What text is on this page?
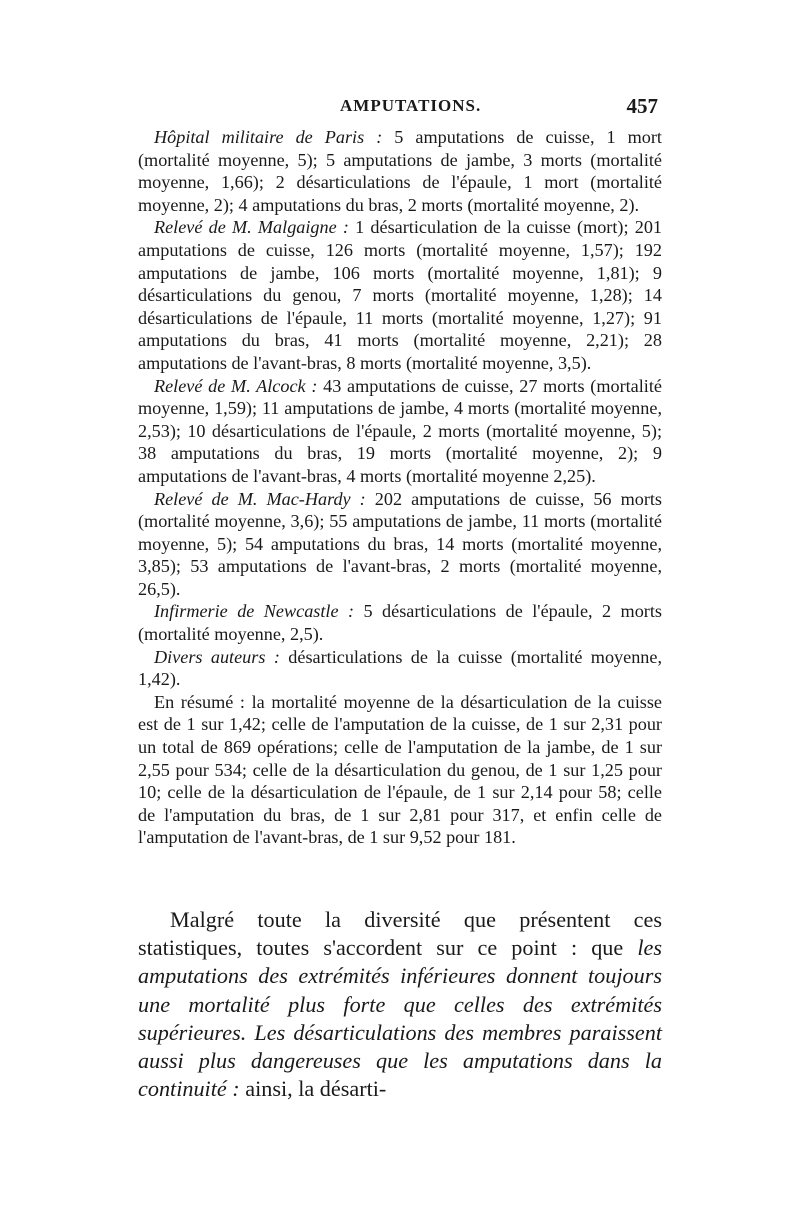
AMPUTATIONS.	457

Hôpital militaire de Paris : 5 amputations de cuisse, 1 mort (mortalité moyenne, 5); 5 amputations de jambe, 3 morts (mortalité moyenne, 1,66); 2 désarticulations de l'épaule, 1 mort (mortalité moyenne, 2); 4 amputations du bras, 2 morts (mortalité moyenne, 2).

Relevé de M. Malgaigne : 1 désarticulation de la cuisse (mort); 201 amputations de cuisse, 126 morts (mortalité moyenne, 1,57); 192 amputations de jambe, 106 morts (mortalité moyenne, 1,81); 9 désarticulations du genou, 7 morts (mortalité moyenne, 1,28); 14 désarticulations de l'épaule, 11 morts (mortalité moyenne, 1,27); 91 amputations du bras, 41 morts (mortalité moyenne, 2,21); 28 amputations de l'avant-bras, 8 morts (mortalité moyenne, 3,5).

Relevé de M. Alcock : 43 amputations de cuisse, 27 morts (mortalité moyenne, 1,59); 11 amputations de jambe, 4 morts (mortalité moyenne, 2,53); 10 désarticulations de l'épaule, 2 morts (mortalité moyenne, 5); 38 amputations du bras, 19 morts (mortalité moyenne, 2); 9 amputations de l'avant-bras, 4 morts (mortalité moyenne 2,25).

Relevé de M. Mac-Hardy : 202 amputations de cuisse, 56 morts (mortalité moyenne, 3,6); 55 amputations de jambe, 11 morts (mortalité moyenne, 5); 54 amputations du bras, 14 morts (mortalité moyenne, 3,85); 53 amputations de l'avant-bras, 2 morts (mortalité moyenne, 26,5).

Infirmerie de Newcastle : 5 désarticulations de l'épaule, 2 morts (mortalité moyenne, 2,5).

Divers auteurs : désarticulations de la cuisse (mortalité moyenne, 1,42).

En résumé : la mortalité moyenne de la désarticulation de la cuisse est de 1 sur 1,42; celle de l'amputation de la cuisse, de 1 sur 2,31 pour un total de 869 opérations; celle de l'amputation de la jambe, de 1 sur 2,55 pour 534; celle de la désarticulation du genou, de 1 sur 1,25 pour 10; celle de la désarticulation de l'épaule, de 1 sur 2,14 pour 58; celle de l'amputation du bras, de 1 sur 2,81 pour 317, et enfin celle de l'amputation de l'avant-bras, de 1 sur 9,52 pour 181.

Malgré toute la diversité que présentent ces statistiques, toutes s'accordent sur ce point : que les amputations des extrémités inférieures donnent toujours une mortalité plus forte que celles des extrémités supérieures. Les désarticulations des membres paraissent aussi plus dangereuses que les amputations dans la continuité : ainsi, la désarti-
